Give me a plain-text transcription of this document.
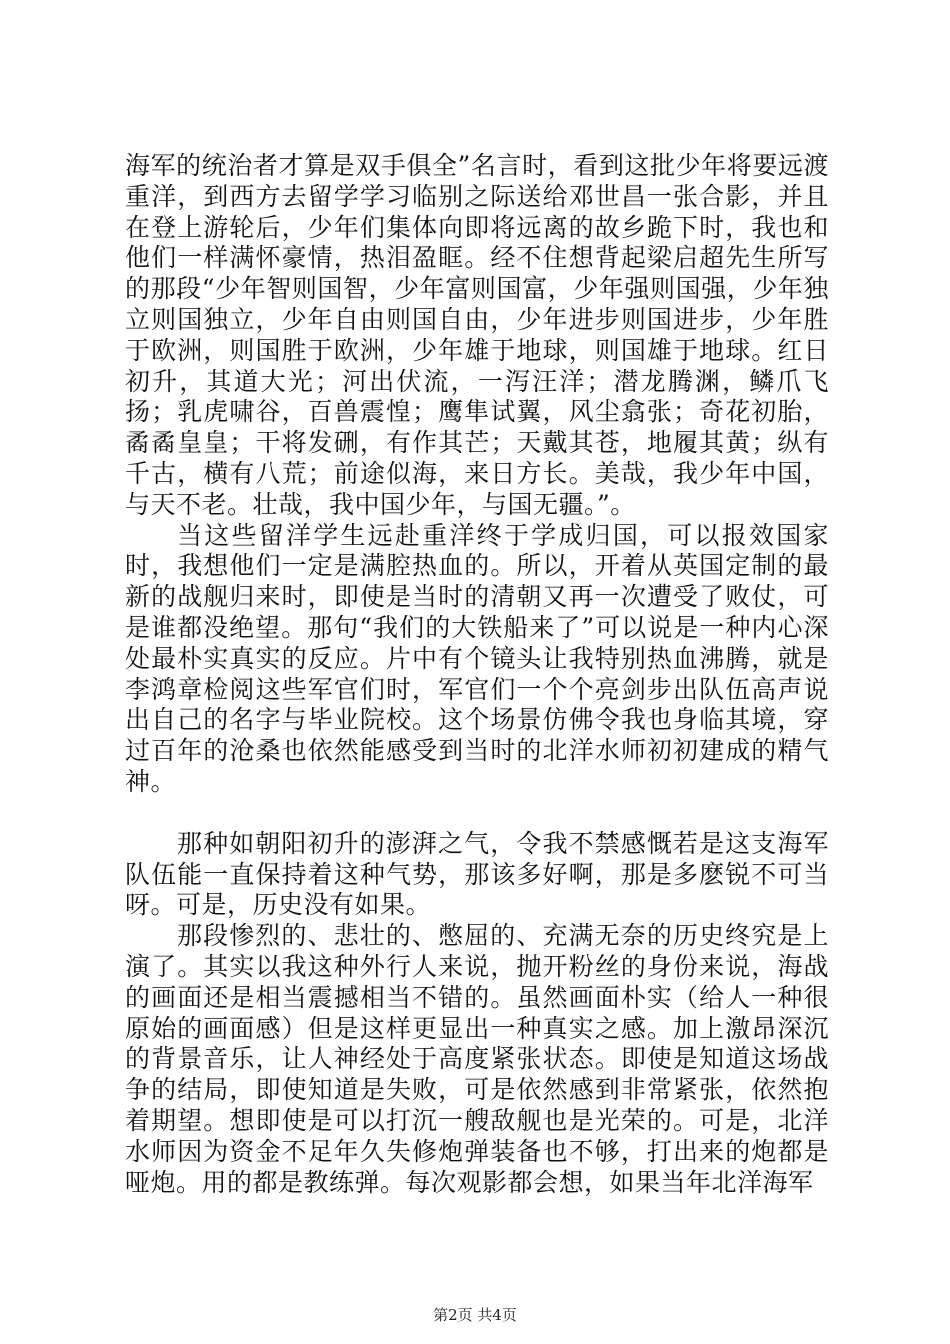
海军的统治者才算是双手俱全”名言时，看到这批少年将要远渡重洋，到西方去留学学习临别之际送给邓世昌一张合影，并且在登上游轮后，少年们集体向即将远离的故乡跪下时，我也和他们一样满怀豪情，热泪盈眶。经不住想背起梁启超先生所写的那段“少年智则国智，少年富则国富，少年强则国强，少年独立则国独立，少年自由则国自由，少年进步则国进步，少年胜于欧洲，则国胜于欧洲，少年雄于地球，则国雄于地球。红日初升，其道大光；河出伏流，一泻汪洋；潜龙腾渊，鳞爪飞扬；乳虎啸谷，百兽震惶；鹰隼试翼，风尘翕张；奇花初胎，矞矞皇皇；干将发硎，有作其芒；天戴其苍，地履其黄；纵有千古，横有八荒；前途似海，来日方长。美哉，我少年中国，与天不老。壮哉，我中国少年，与国无疆。”。

当这些留洋学生远赴重洋终于学成归国，可以报效国家时，我想他们一定是满腔热血的。所以，开着从英国定制的最新的战舰归来时，即使是当时的清朝又再一次遭受了败仗，可是谁都没绝望。那句“我们的大铁船来了”可以说是一种内心深处最朴实真实的反应。片中有个镜头让我特别热血沸腾，就是李鸿章检阅这些军官们时，军官们一个个亮剑步出队伍高声说出自己的名字与毕业院校。这个场景仿佛令我也身临其境，穿过百年的沧桑也依然能感受到当时的北洋水师初初建成的精气神。

那种如朝阳初升的澎湃之气，令我不禁感慨若是这支海军队伍能一直保持着这种气势，那该多好啊，那是多麽锐不可当呀。可是，历史没有如果。

那段惨烈的、悲壮的、憋屈的、充满无奈的历史终究是上演了。其实以我这种外行人来说，抛开粉丝的身份来说，海战的画面还是相当震撼相当不错的。虽然画面朴实（给人一种很原始的画面感）但是这样更显出一种真实之感。加上激昂深沉的背景音乐，让人神经处于高度紧张状态。即使是知道这场战争的结局，即使知道是失败，可是依然感到非常紧张，依然抱着期望。想即使是可以打沉一艘敌舰也是光荣的。可是，北洋水师因为资金不足年久失修炮弹装备也不够，打出来的炮都是哑炮。用的都是教练弹。每次观影都会想，如果当年北洋海军

第2页 共4页
